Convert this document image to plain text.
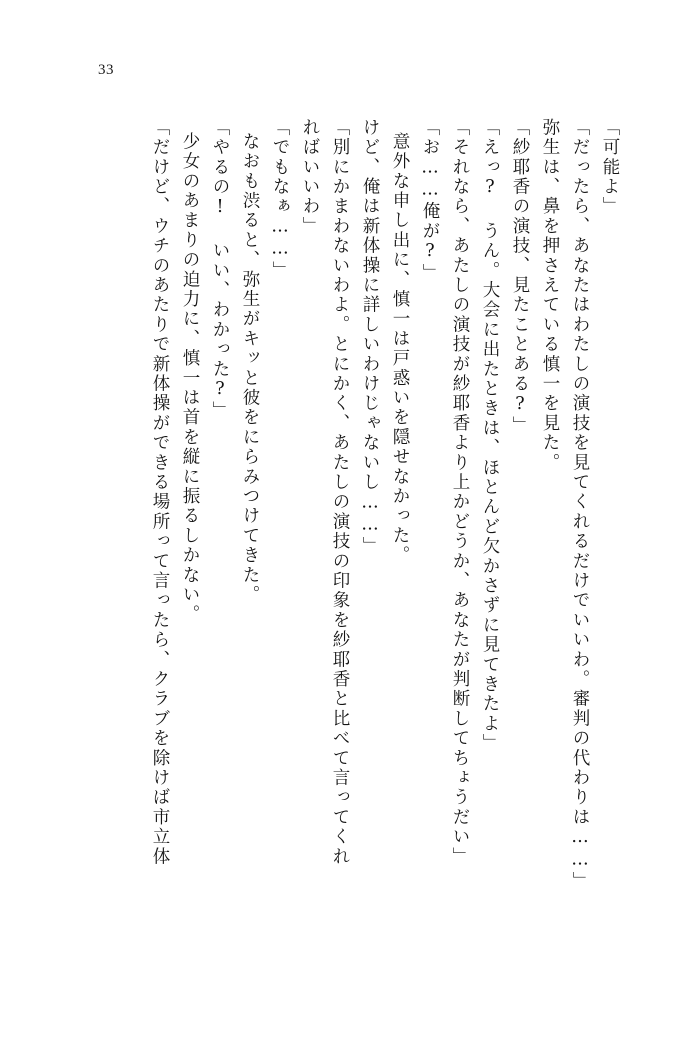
33
「可能よ」
「だったら、あなたはわたしの演技を見てくれるだけでいいわ。審判の代わりは……」
弥生は、鼻を押さえている慎一を見た。
「紗耶香の演技、見たことある?」
「えっ? うん。大会に出たときは、ほとんど欠かさずに見てきたよ」
「それなら、あたしの演技が紗耶香より上かどうか、あなたが判断してちょうだい」
「お……俺が?」
意外な申し出に、慎一は戸惑いを隠せなかった。
けど、俺は新体操に詳しいわけじゃないし……」
「別にかまわないわよ。とにかく、あたしの演技の印象を紗耶香と比べて言ってくれ
ればいいわ」
「でもなぁ……」
なおも渋ると、弥生がキッと彼をにらみつけてきた。
「やるの! いい、わかった?」
少女のあまりの迫力に、慎一は首を縦に振るしかない。
「だけど、ウチのあたりで新体操ができる場所って言ったら、クラブを除けば市立体
